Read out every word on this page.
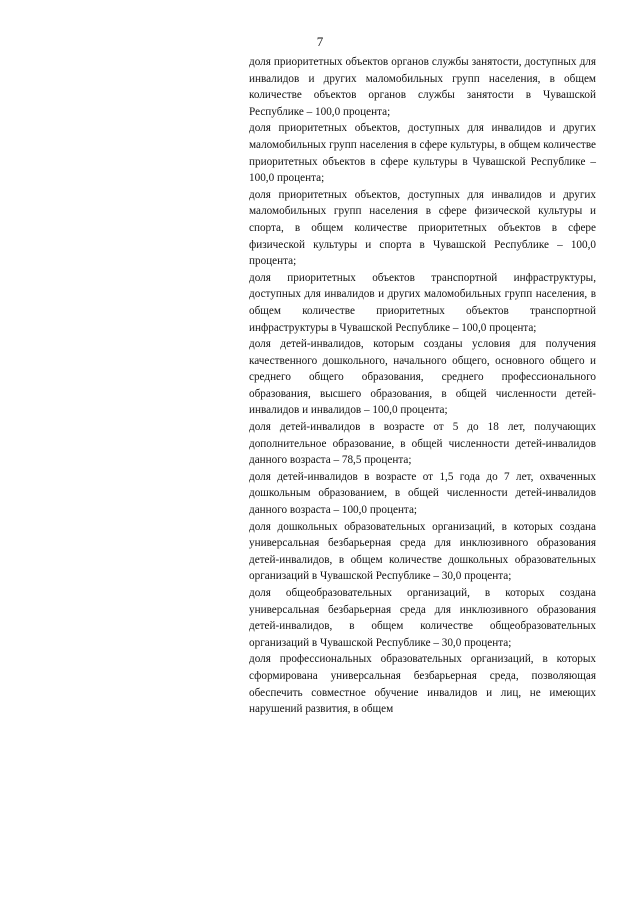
7

доля приоритетных объектов органов службы занятости, доступных для инвалидов и других маломобильных групп населения, в общем количестве объектов органов службы занятости в Чувашской Республике – 100,0 процента;

доля приоритетных объектов, доступных для инвалидов и других маломобильных групп населения в сфере культуры, в общем количестве приоритетных объектов в сфере культуры в Чувашской Республике – 100,0 процента;

доля приоритетных объектов, доступных для инвалидов и других маломобильных групп населения в сфере физической культуры и спорта, в общем количестве приоритетных объектов в сфере физической культуры и спорта в Чувашской Республике – 100,0 процента;

доля приоритетных объектов транспортной инфраструктуры, доступных для инвалидов и других маломобильных групп населения, в общем количестве приоритетных объектов транспортной инфраструктуры в Чувашской Республике – 100,0 процента;

доля детей-инвалидов, которым созданы условия для получения качественного дошкольного, начального общего, основного общего и среднего общего образования, среднего профессионального образования, высшего образования, в общей численности детей-инвалидов и инвалидов – 100,0 процента;

доля детей-инвалидов в возрасте от 5 до 18 лет, получающих дополнительное образование, в общей численности детей-инвалидов данного возраста – 78,5 процента;

доля детей-инвалидов в возрасте от 1,5 года до 7 лет, охваченных дошкольным образованием, в общей численности детей-инвалидов данного возраста – 100,0 процента;

доля дошкольных образовательных организаций, в которых создана универсальная безбарьерная среда для инклюзивного образования детей-инвалидов, в общем количестве дошкольных образовательных организаций в Чувашской Республике – 30,0 процента;

доля общеобразовательных организаций, в которых создана универсальная безбарьерная среда для инклюзивного образования детей-инвалидов, в общем количестве общеобразовательных организаций в Чувашской Республике – 30,0 процента;

доля профессиональных образовательных организаций, в которых сформирована универсальная безбарьерная среда, позволяющая обеспечить совместное обучение инвалидов и лиц, не имеющих нарушений развития, в общем
